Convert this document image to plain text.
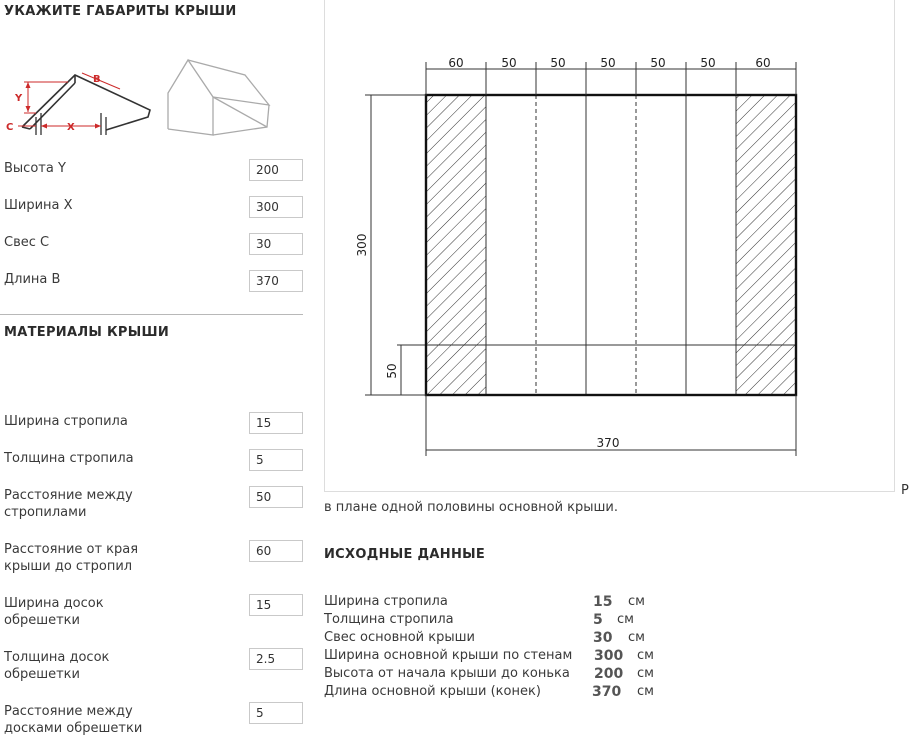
УКАЖИТЕ ГАБАРИТЫ КРЫШИ
Y
B
C	X
Высота Y
200
Ширина X
300
Свес C
30
Длина B
370
МАТЕРИАЛЫ КРЫШИ
Ширина стропила
15
Толщина стропила
5
Расстояние между стропилами
50
Расстояние от края крыши до стропил
60
Ширина досок обрешетки
15
Толщина досок обрешетки
2.5
Расстояние между досками обрешетки
5
60	50	50	50	50	50	60
300
50
370
Р
в плане одной половины основной крыши.
ИСХОДНЫЕ ДАННЫЕ
Ширина стропила	15	см
Толщина стропила	5	см
Свес основной крыши	30	см
Ширина основной крыши по стенам 300 см
Высота от начала крыши до конька 200 см
Длина основной крыши (конек)	370 см
